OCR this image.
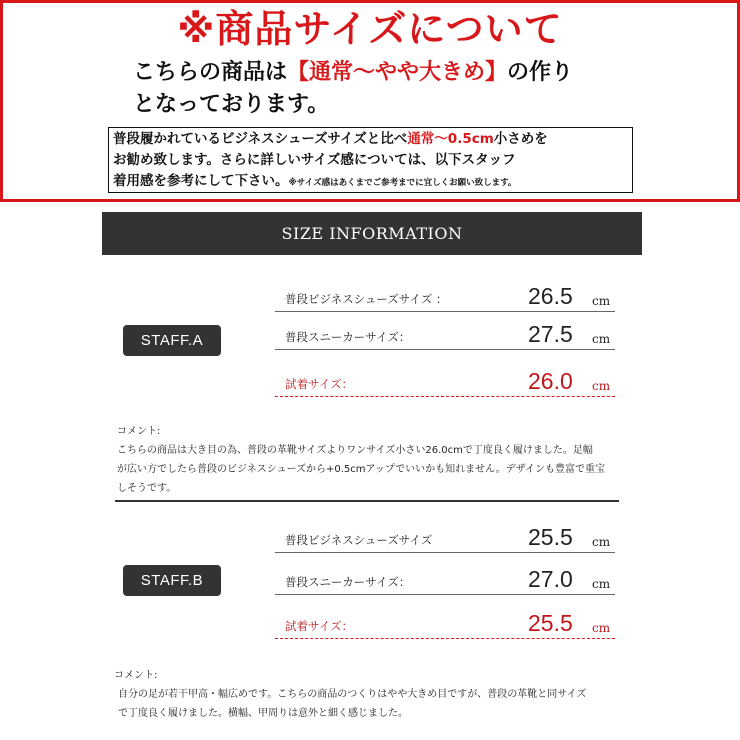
※商品サイズについて
こちらの商品は【通常～やや大きめ】の作り
となっております。
普段履かれているビジネスシューズサイズと比べ通常～0.5cm小さめを
お勧め致します。さらに詳しいサイズ感については、以下スタッフ
着用感を参考にして下さい。※サイズ感はあくまでご参考までに宜しくお願い致します。
SIZE INFORMATION
STAFF.A
普段ビジネスシューズサイズ ：	26.5 cm
普段スニーカーサイズ：	27.5 cm
試着サイズ：	26.0 cm
コメント:
こちらの商品は大き目の為、普段の革靴サイズよりワンサイズ小さい26.0cmで丁度良く履けました。足幅
が広い方でしたら普段のビジネスシューズから+0.5cmアップでいいかも知れません。デザインも豊富で重宝
しそうです。
STAFF.B
普段ビジネスシューズサイズ	25.5 cm
普段スニーカーサイズ：	27.0 cm
試着サイズ：	25.5 cm
コメント:
自分の足が若干甲高・幅広めです。こちらの商品のつくりはやや大きめ目ですが、普段の革靴と同サイズ
で丁度良く履けました。横幅、甲周りは意外と細く感じました。
